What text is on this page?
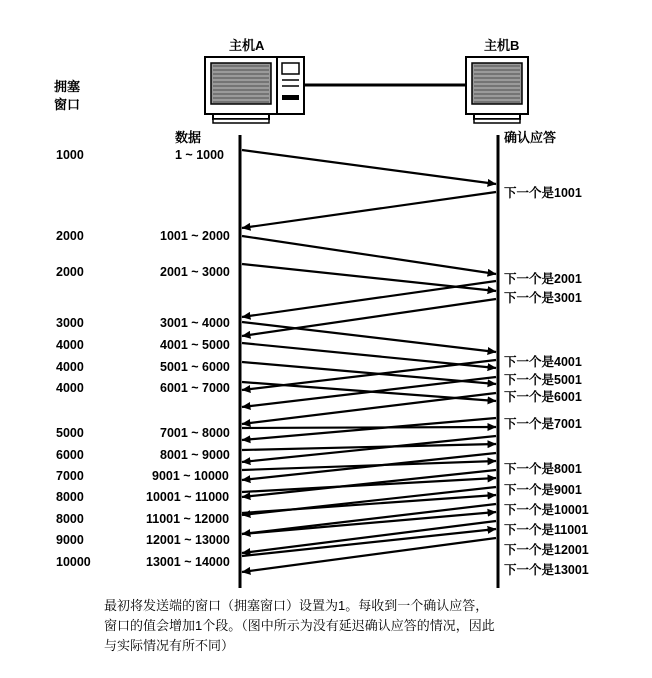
主机A	主机B
拥塞
窗口
数据	确认应答
1000
2000
2000
3000
4000
4000
4000
5000
6000
7000
8000
8000
9000
10000
1 ~ 1000
1001 ~ 2000
2001 ~ 3000
3001 ~ 4000
4001 ~ 5000
5001 ~ 6000
6001 ~ 7000
7001 ~ 8000
8001 ~ 9000
9001 ~ 10000
10001 ~ 11000
11001 ~ 12000
12001 ~ 13000
13001 ~ 14000
下一个是1001
下一个是2001
下一个是3001
下一个是4001
下一个是5001
下一个是6001
下一个是7001
下一个是8001
下一个是9001
下一个是10001
下一个是11001
下一个是12001
下一个是13001
最初将发送端的窗口（拥塞窗口）设置为1。每收到一个确认应答，
窗口的值会增加1个段。（图中所示为没有延迟确认应答的情况，因此
与实际情况有所不同）
